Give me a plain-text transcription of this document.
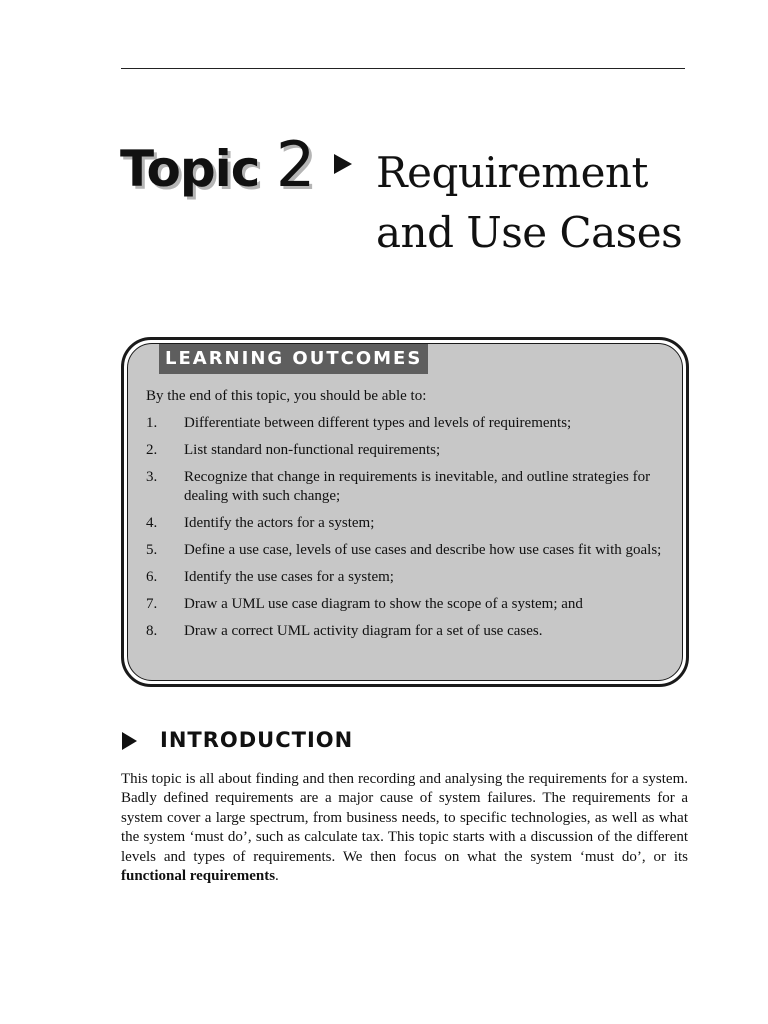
Topic 2 Requirement
and Use Cases
LEARNING OUTCOMES
By the end of this topic, you should be able to:
1.	Differentiate between different types and levels of requirements;
2.	List standard non-functional requirements;
3.	Recognize that change in requirements is inevitable, and outline strategies for dealing with such change;
4.	Identify the actors for a system;
5.	Define a use case, levels of use cases and describe how use cases fit with goals;
6.	Identify the use cases for a system;
7.	Draw a UML use case diagram to show the scope of a system; and
8.	Draw a correct UML activity diagram for a set of use cases.
INTRODUCTION

This topic is all about finding and then recording and analysing the requirements for a system. Badly defined requirements are a major cause of system failures. The requirements for a system cover a large spectrum, from business needs, to specific technologies, as well as what the system ‘must do’, such as calculate tax. This topic starts with a discussion of the different levels and types of requirements. We then focus on what the system ‘must do’, or its functional requirements.
